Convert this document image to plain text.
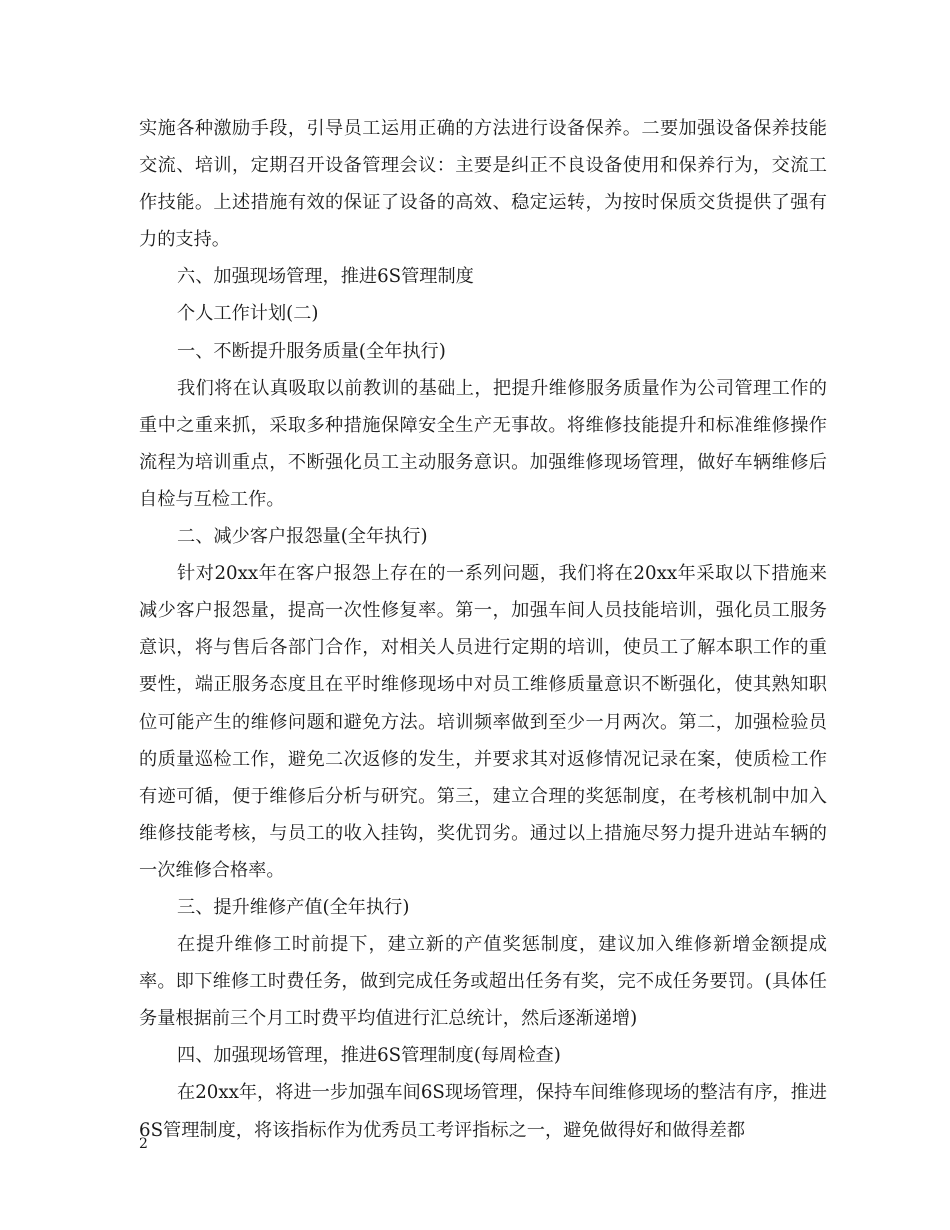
实施各种激励手段，引导员工运用正确的方法进行设备保养。二要加强设备保养技能交流、培训，定期召开设备管理会议：主要是纠正不良设备使用和保养行为，交流工作技能。上述措施有效的保证了设备的高效、稳定运转，为按时保质交货提供了强有力的支持。

六、加强现场管理，推进6S管理制度

个人工作计划(二)

一、不断提升服务质量(全年执行)

我们将在认真吸取以前教训的基础上，把提升维修服务质量作为公司管理工作的重中之重来抓，采取多种措施保障安全生产无事故。将维修技能提升和标准维修操作流程为培训重点，不断强化员工主动服务意识。加强维修现场管理，做好车辆维修后自检与互检工作。

二、减少客户报怨量(全年执行)

针对20xx年在客户报怨上存在的一系列问题，我们将在20xx年采取以下措施来减少客户报怨量，提高一次性修复率。第一，加强车间人员技能培训，强化员工服务意识，将与售后各部门合作，对相关人员进行定期的培训，使员工了解本职工作的重要性，端正服务态度且在平时维修现场中对员工维修质量意识不断强化，使其熟知职位可能产生的维修问题和避免方法。培训频率做到至少一月两次。第二，加强检验员的质量巡检工作，避免二次返修的发生，并要求其对返修情况记录在案，使质检工作有迹可循，便于维修后分析与研究。第三，建立合理的奖惩制度，在考核机制中加入维修技能考核，与员工的收入挂钩，奖优罚劣。通过以上措施尽努力提升进站车辆的一次维修合格率。

三、提升维修产值(全年执行)

在提升维修工时前提下，建立新的产值奖惩制度，建议加入维修新增金额提成率。即下维修工时费任务，做到完成任务或超出任务有奖，完不成任务要罚。(具体任务量根据前三个月工时费平均值进行汇总统计，然后逐渐递增)

四、加强现场管理，推进6S管理制度(每周检查)

在20xx年，将进一步加强车间6S现场管理，保持车间维修现场的整洁有序，推进6S管理制度，将该指标作为优秀员工考评指标之一，避免做得好和做得差都

2
